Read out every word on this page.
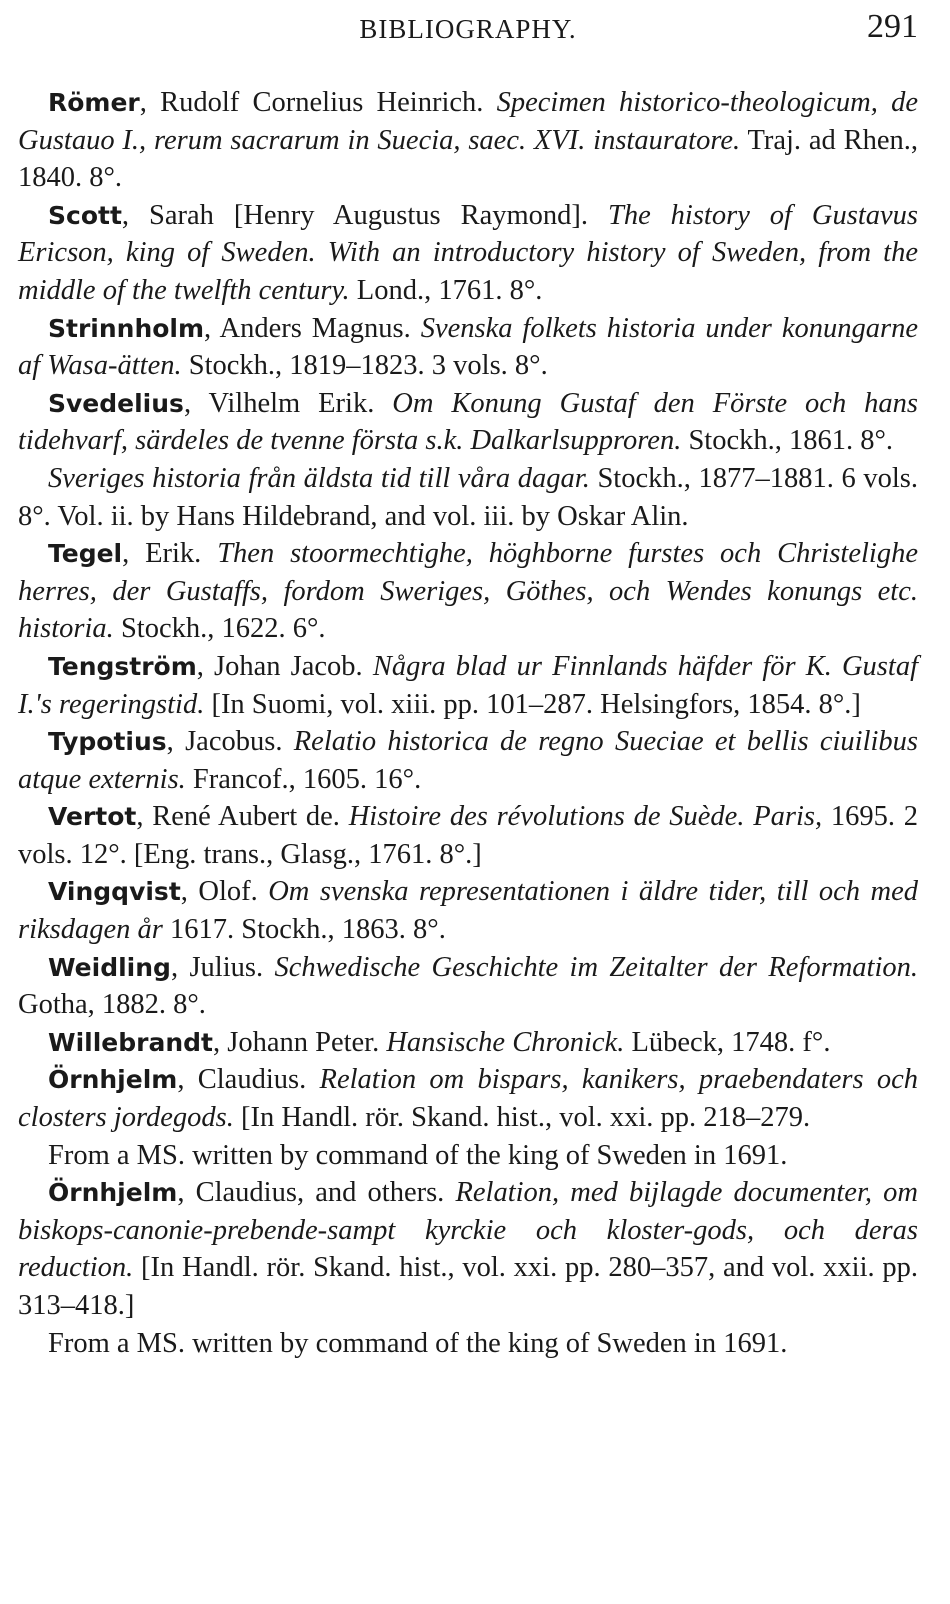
BIBLIOGRAPHY.	291

Römer, Rudolf Cornelius Heinrich. Specimen historico-theologicum, de Gustauo I., rerum sacrarum in Suecia, saec. XVI. instauratore. Traj. ad Rhen., 1840. 8°.

Scott, Sarah [Henry Augustus Raymond]. The history of Gustavus Ericson, king of Sweden. With an introductory history of Sweden, from the middle of the twelfth century. Lond., 1761. 8°.

Strinnholm, Anders Magnus. Svenska folkets historia under konungarne af Wasa-ätten. Stockh., 1819–1823. 3 vols. 8°.

Svedelius, Vilhelm Erik. Om Konung Gustaf den Förste och hans tidehvarf, särdeles de tvenne första s.k. Dalkarlsupproren. Stockh., 1861. 8°.

Sveriges historia från äldsta tid till våra dagar. Stockh., 1877–1881. 6 vols. 8°. Vol. ii. by Hans Hildebrand, and vol. iii. by Oskar Alin.

Tegel, Erik. Then stoormechtighe, höghborne furstes och Christelighe herres, der Gustaffs, fordom Sweriges, Göthes, och Wendes konungs etc. historia. Stockh., 1622. 6°.

Tengström, Johan Jacob. Några blad ur Finnlands häfder för K. Gustaf I.'s regeringstid. [In Suomi, vol. xiii. pp. 101–287. Helsingfors, 1854. 8°.]

Typotius, Jacobus. Relatio historica de regno Sueciae et bellis ciuilibus atque externis. Francof., 1605. 16°.

Vertot, René Aubert de. Histoire des révolutions de Suède. Paris, 1695. 2 vols. 12°. [Eng. trans., Glasg., 1761. 8°.]

Vingqvist, Olof. Om svenska representationen i äldre tider, till och med riksdagen år 1617. Stockh., 1863. 8°.

Weidling, Julius. Schwedische Geschichte im Zeitalter der Reformation. Gotha, 1882. 8°.

Willebrandt, Johann Peter. Hansische Chronick. Lübeck, 1748. f°.

Örnhjelm, Claudius. Relation om bispars, kanikers, praebendaters och closters jordegods. [In Handl. rör. Skand. hist., vol. xxi. pp. 218–279.

From a MS. written by command of the king of Sweden in 1691.

Örnhjelm, Claudius, and others. Relation, med bijlagde documenter, om biskops-canonie-prebende-sampt kyrckie och kloster-gods, och deras reduction. [In Handl. rör. Skand. hist., vol. xxi. pp. 280–357, and vol. xxii. pp. 313–418.]

From a MS. written by command of the king of Sweden in 1691.
